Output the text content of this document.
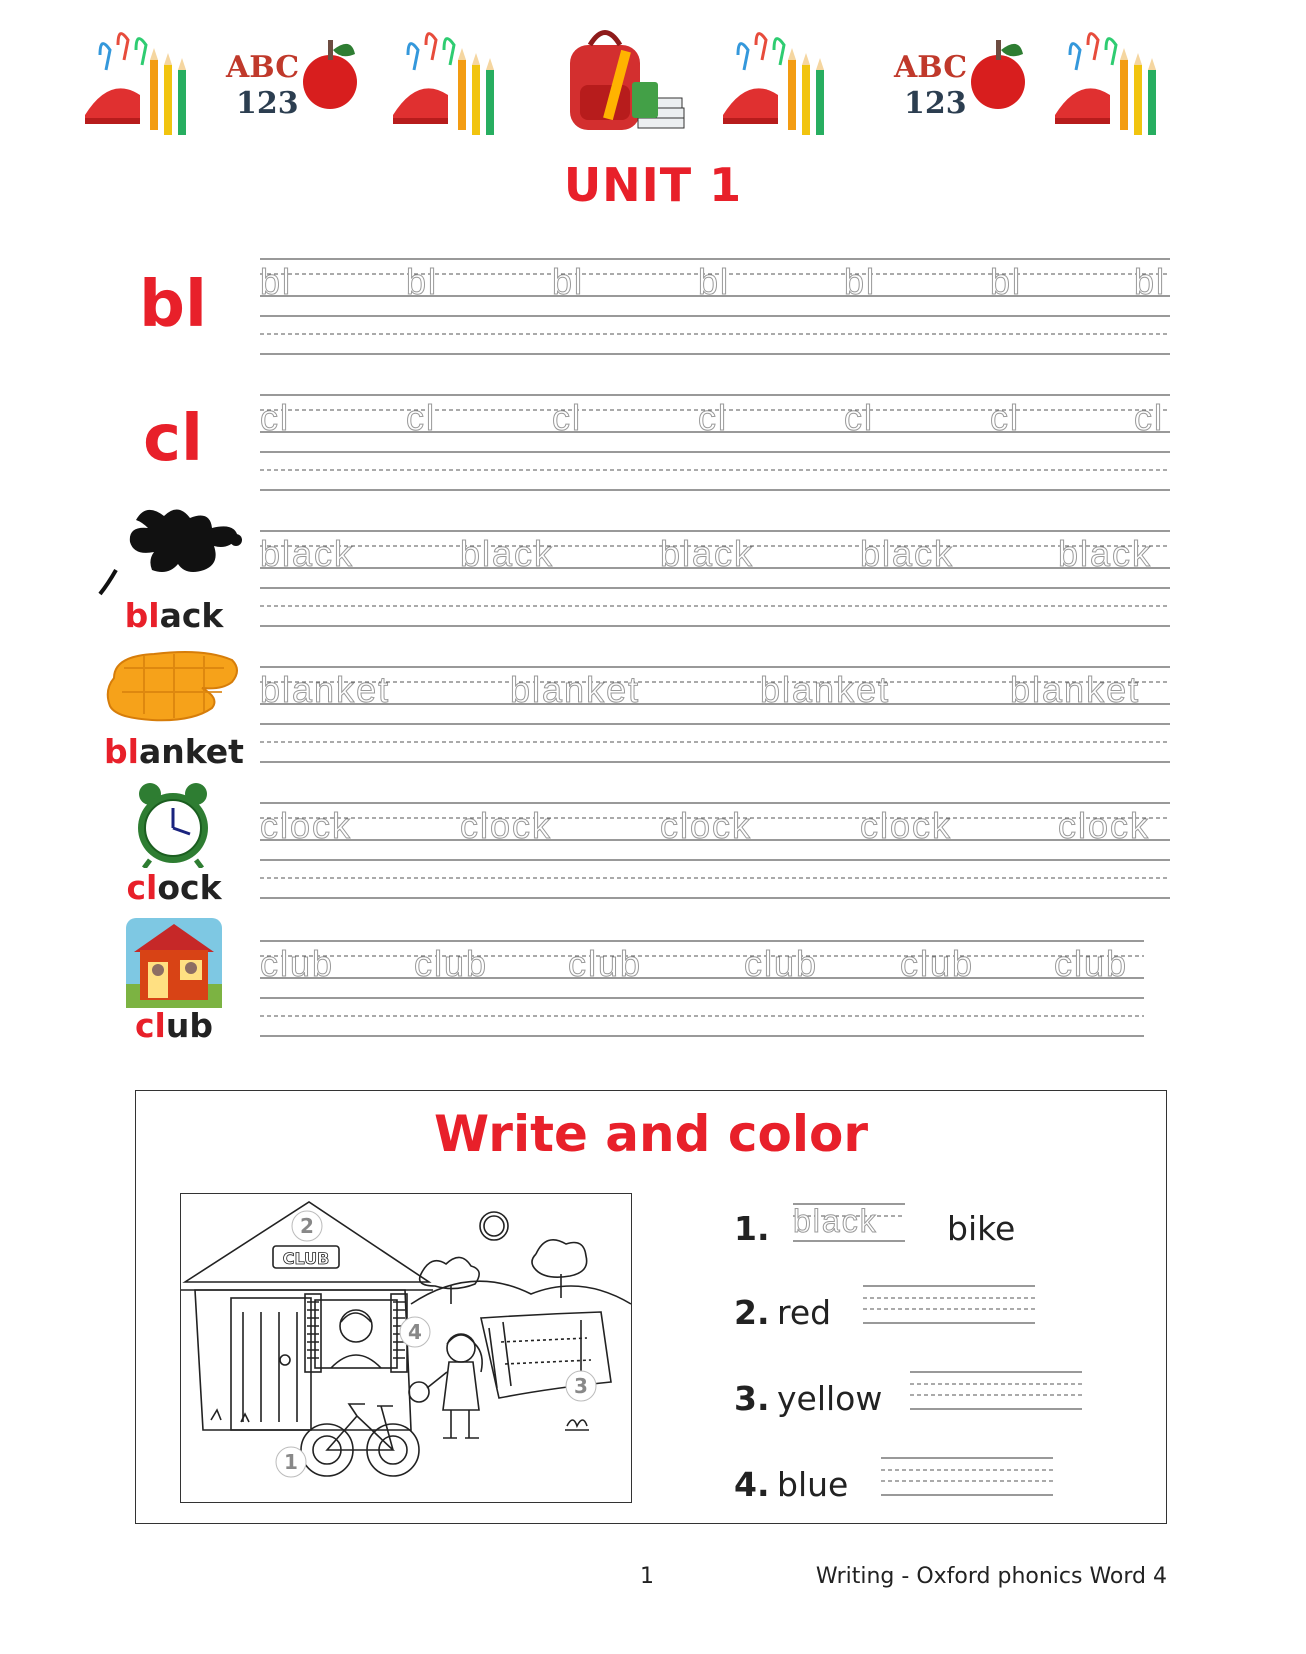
ABC
123
ABC
123
UNIT 1
bl	bl	bl	bl	bl	bl	bl	bl
cl	cl	cl	cl	cl	cl	cl	cl
black
black	black	black	black	black
blanket
blanket	blanket	blanket	blanket
clock
clock	clock	clock	clock	clock
club
club club club	club club club
Write and color
CLUB
2
4
3
1
1. black bike
2. red
3. yellow
4. blue
1	Writing - Oxford phonics Word 4
